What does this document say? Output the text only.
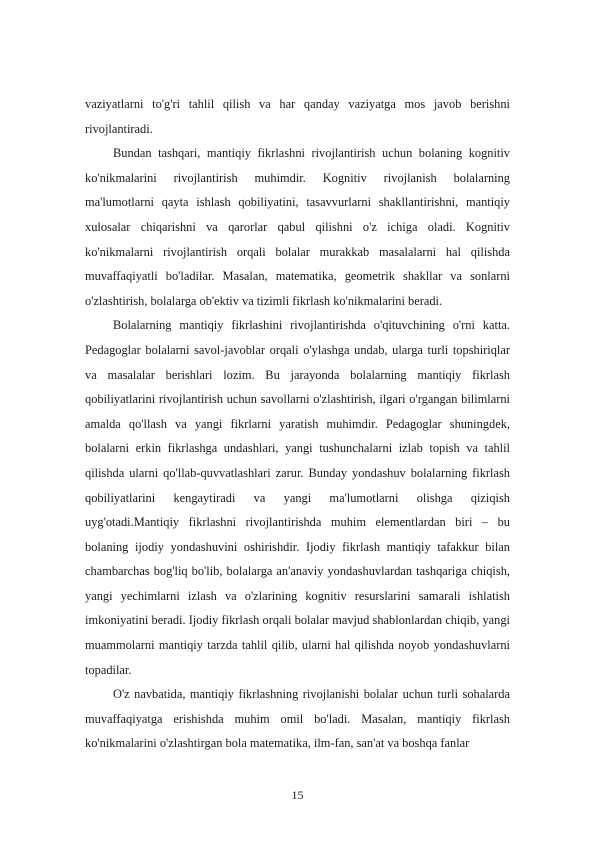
vaziyatlarni to'g'ri tahlil qilish va har qanday vaziyatga mos javob berishni rivojlantiradi.

Bundan tashqari, mantiqiy fikrlashni rivojlantirish uchun bolaning kognitiv ko'nikmalarini rivojlantirish muhimdir. Kognitiv rivojlanish bolalarning ma'lumotlarni qayta ishlash qobiliyatini, tasavvurlarni shakllantirishni, mantiqiy xulosalar chiqarishni va qarorlar qabul qilishni o'z ichiga oladi. Kognitiv ko'nikmalarni rivojlantirish orqali bolalar murakkab masalalarni hal qilishda muvaffaqiyatli bo'ladilar. Masalan, matematika, geometrik shakllar va sonlarni o'zlashtirish, bolalarga ob'ektiv va tizimli fikrlash ko'nikmalarini beradi.

Bolalarning mantiqiy fikrlashini rivojlantirishda o'qituvchining o'rni katta. Pedagoglar bolalarni savol-javoblar orqali o'ylashga undab, ularga turli topshiriqlar va masalalar berishlari lozim. Bu jarayonda bolalarning mantiqiy fikrlash qobiliyatlarini rivojlantirish uchun savollarni o'zlashtirish, ilgari o'rgangan bilimlarni amalda qo'llash va yangi fikrlarni yaratish muhimdir. Pedagoglar shuningdek, bolalarni erkin fikrlashga undashlari, yangi tushunchalarni izlab topish va tahlil qilishda ularni qo'llab-quvvatlashlari zarur. Bunday yondashuv bolalarning fikrlash qobiliyatlarini kengaytiradi va yangi ma'lumotlarni olishga qiziqish uyg'otadi.Mantiqiy fikrlashni rivojlantirishda muhim elementlardan biri – bu bolaning ijodiy yondashuvini oshirishdir. Ijodiy fikrlash mantiqiy tafakkur bilan chambarchas bog'liq bo'lib, bolalarga an'anaviy yondashuvlardan tashqariga chiqish, yangi yechimlarni izlash va o'zlarining kognitiv resurslarini samarali ishlatish imkoniyatini beradi. Ijodiy fikrlash orqali bolalar mavjud shablonlardan chiqib, yangi muammolarni mantiqiy tarzda tahlil qilib, ularni hal qilishda noyob yondashuvlarni topadilar.

O'z navbatida, mantiqiy fikrlashning rivojlanishi bolalar uchun turli sohalarda muvaffaqiyatga erishishda muhim omil bo'ladi. Masalan, mantiqiy fikrlash ko'nikmalarini o'zlashtirgan bola matematika, ilm-fan, san'at va boshqa fanlar

15
